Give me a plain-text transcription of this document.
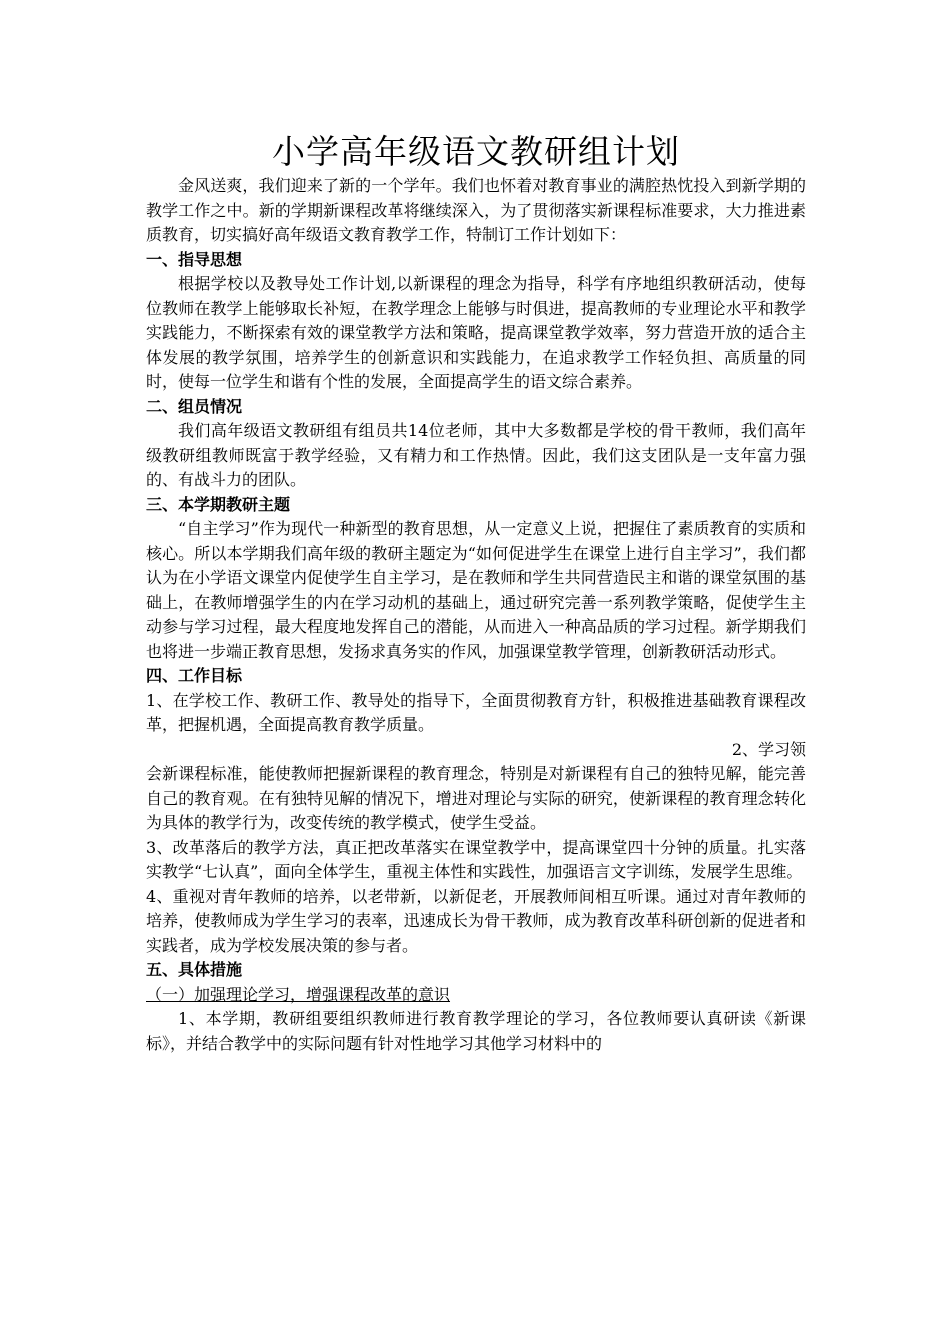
小学高年级语文教研组计划

金风送爽，我们迎来了新的一个学年。我们也怀着对教育事业的满腔热忱投入到新学期的教学工作之中。新的学期新课程改革将继续深入，为了贯彻落实新课程标准要求，大力推进素质教育，切实搞好高年级语文教育教学工作，特制订工作计划如下：

一、指导思想

根据学校以及教导处工作计划,以新课程的理念为指导，科学有序地组织教研活动，使每位教师在教学上能够取长补短，在教学理念上能够与时俱进，提高教师的专业理论水平和教学实践能力，不断探索有效的课堂教学方法和策略，提高课堂教学效率，努力营造开放的适合主体发展的教学氛围，培养学生的创新意识和实践能力，在追求教学工作轻负担、高质量的同时，使每一位学生和谐有个性的发展，全面提高学生的语文综合素养。

二、组员情况

我们高年级语文教研组有组员共14位老师，其中大多数都是学校的骨干教师，我们高年级教研组教师既富于教学经验，又有精力和工作热情。因此，我们这支团队是一支年富力强的、有战斗力的团队。

三、本学期教研主题

“自主学习”作为现代一种新型的教育思想，从一定意义上说，把握住了素质教育的实质和核心。所以本学期我们高年级的教研主题定为“如何促进学生在课堂上进行自主学习”，我们都认为在小学语文课堂内促使学生自主学习，是在教师和学生共同营造民主和谐的课堂氛围的基础上，在教师增强学生的内在学习动机的基础上，通过研究完善一系列教学策略，促使学生主动参与学习过程，最大程度地发挥自己的潜能，从而进入一种高品质的学习过程。新学期我们也将进一步端正教育思想，发扬求真务实的作风，加强课堂教学管理，创新教研活动形式。

四、工作目标

1、在学校工作、教研工作、教导处的指导下，全面贯彻教育方针，积极推进基础教育课程改革，把握机遇，全面提高教育教学质量。

2、学习领

会新课程标准，能使教师把握新课程的教育理念，特别是对新课程有自己的独特见解，能完善自己的教育观。在有独特见解的情况下，增进对理论与实际的研究，使新课程的教育理念转化为具体的教学行为，改变传统的教学模式，使学生受益。

3、改革落后的教学方法，真正把改革落实在课堂教学中，提高课堂四十分钟的质量。扎实落实教学“七认真”，面向全体学生，重视主体性和实践性，加强语言文字训练，发展学生思维。

4、重视对青年教师的培养，以老带新，以新促老，开展教师间相互听课。通过对青年教师的培养，使教师成为学生学习的表率，迅速成长为骨干教师，成为教育改革科研创新的促进者和实践者，成为学校发展决策的参与者。

五、具体措施

（一）加强理论学习，增强课程改革的意识

1、本学期，教研组要组织教师进行教育教学理论的学习，各位教师要认真研读《新课标》，并结合教学中的实际问题有针对性地学习其他学习材料中的
